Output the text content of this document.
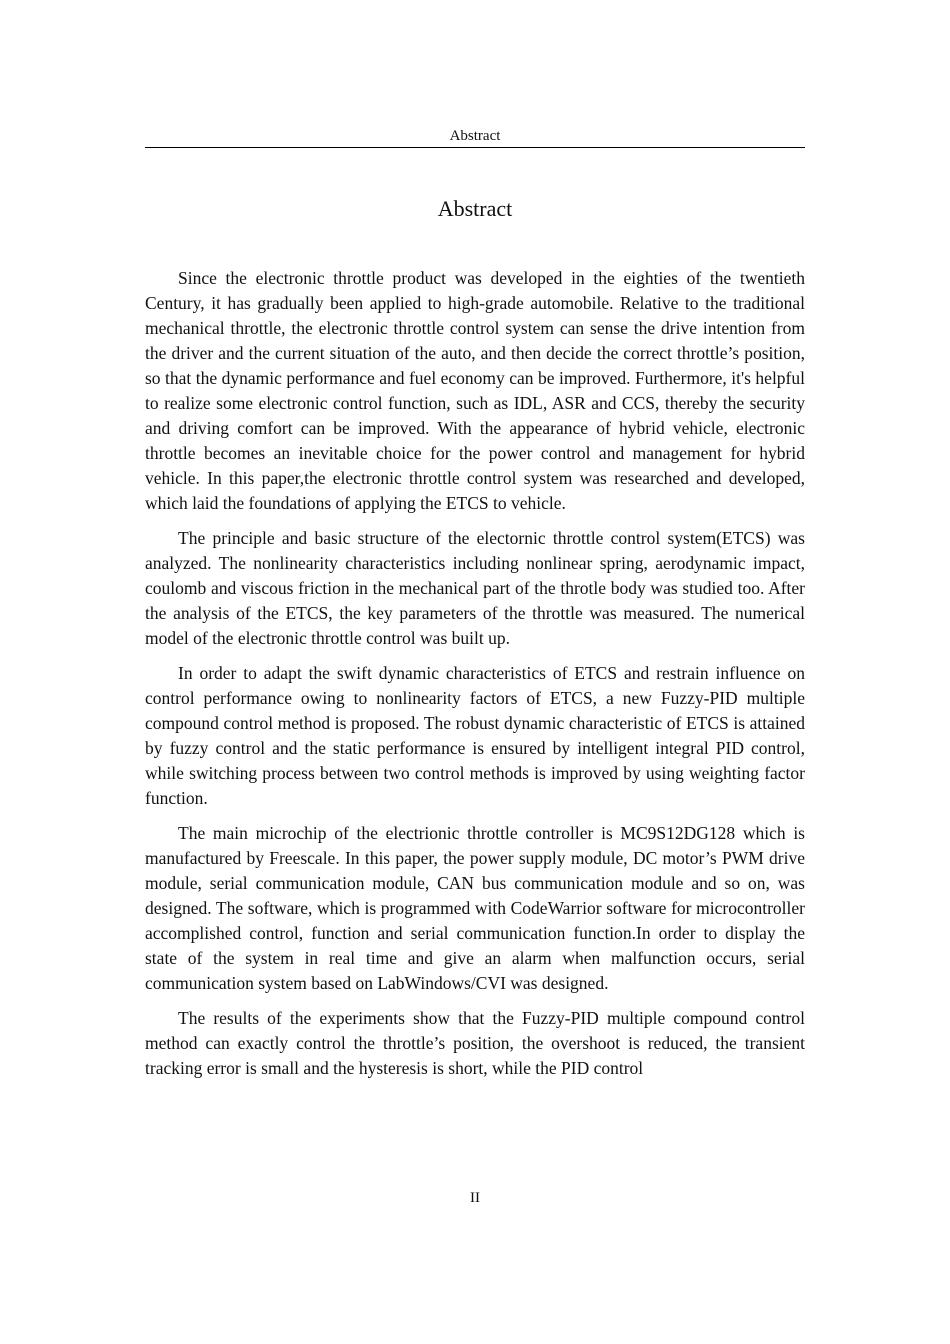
Abstract
Abstract

Since the electronic throttle product was developed in the eighties of the twentieth Century, it has gradually been applied to high-grade automobile. Relative to the traditional mechanical throttle, the electronic throttle control system can sense the drive intention from the driver and the current situation of the auto, and then decide the correct throttle’s position, so that the dynamic performance and fuel economy can be improved. Furthermore, it's helpful to realize some electronic control function, such as IDL, ASR and CCS, thereby the security and driving comfort can be improved. With the appearance of hybrid vehicle, electronic throttle becomes an inevitable choice for the power control and management for hybrid vehicle. In this paper,the electronic throttle control system was researched and developed, which laid the foundations of applying the ETCS to vehicle.

The principle and basic structure of the electornic throttle control system(ETCS) was analyzed. The nonlinearity characteristics including nonlinear spring, aerodynamic impact, coulomb and viscous friction in the mechanical part of the throtle body was studied too. After the analysis of the ETCS, the key parameters of the throttle was measured. The numerical model of the electronic throttle control was built up.

In order to adapt the swift dynamic characteristics of ETCS and restrain influence on control performance owing to nonlinearity factors of ETCS, a new Fuzzy-PID multiple compound control method is proposed. The robust dynamic characteristic of ETCS is attained by fuzzy control and the static performance is ensured by intelligent integral PID control, while switching process between two control methods is improved by using weighting factor function.

The main microchip of the electrionic throttle controller is MC9S12DG128 which is manufactured by Freescale. In this paper, the power supply module, DC motor’s PWM drive module, serial communication module, CAN bus communication module and so on, was designed. The software, which is programmed with CodeWarrior software for microcontroller accomplished control, function and serial communication function.In order to display the state of the system in real time and give an alarm when malfunction occurs, serial communication system based on LabWindows/CVI was designed.

The results of the experiments show that the Fuzzy-PID multiple compound control method can exactly control the throttle’s position, the overshoot is reduced, the transient tracking error is small and the hysteresis is short, while the PID control

II
